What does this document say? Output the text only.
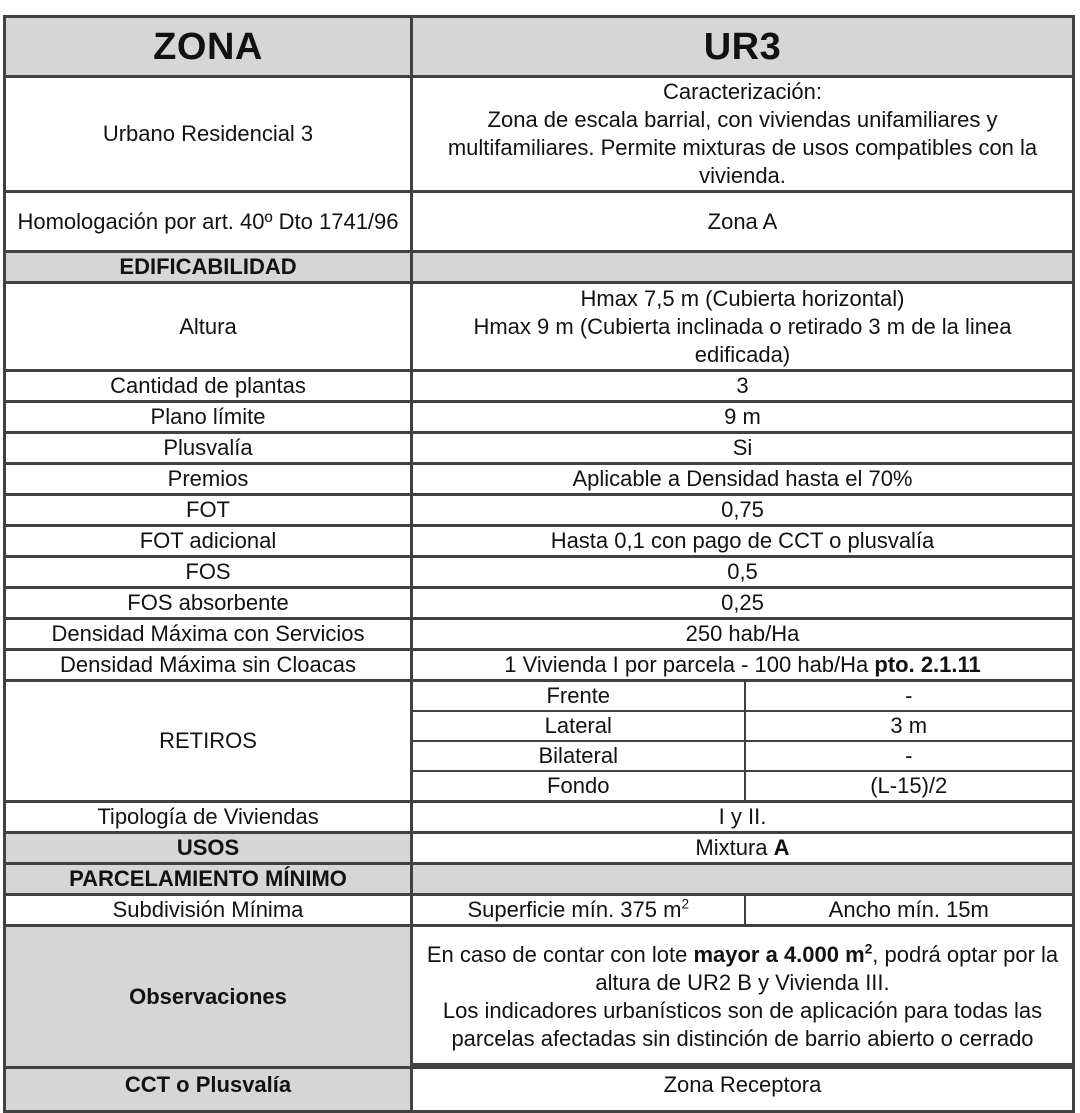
ZONA	UR3	
Urbano Residencial 3	Caracterización:
Zona de escala barrial, con viviendas unifamiliares y multifamiliares. Permite mixturas de usos compatibles con la vivienda.	

Homologación por art. 40º Dto 1741/96	Zona A	
EDIFICABILIDAD		
Altura	Hmax 7,5 m (Cubierta horizontal)
Hmax 9 m (Cubierta inclinada o retirado 3 m de la linea edificada)	

Cantidad de plantas	3	
Plano límite	9 m	
Plusvalía	Si	
Premios	Aplicable a Densidad hasta el 70%	
FOT	0,75	
FOT adicional	Hasta 0,1 con pago de CCT o plusvalía	
FOS	0,5	
FOS absorbente	0,25	
Densidad Máxima con Servicios	250 hab/Ha	
Densidad Máxima sin Cloacas	1 Vivienda I por parcela - 100 hab/Ha pto. 2.1.11	
RETIROS	Frente	-
	Lateral	3 m
	Bilateral	-
	Fondo	(L-15)/2
Tipología de Viviendas	I y II.	
USOS	Mixtura A	
PARCELAMIENTO MÍNIMO		
Subdivisión Mínima	Superficie mín. 375 $m^2$	Ancho mín. 15m
Observaciones	En caso de contar con lote mayor a 4.000 $m^2$, podrá optar por la altura de UR2 B y Vivienda III.
Los indicadores urbanísticos son de aplicación para todas las parcelas afectadas sin distinción de barrio abierto o cerrado	

CCT o Plusvalía	Zona Receptora	
